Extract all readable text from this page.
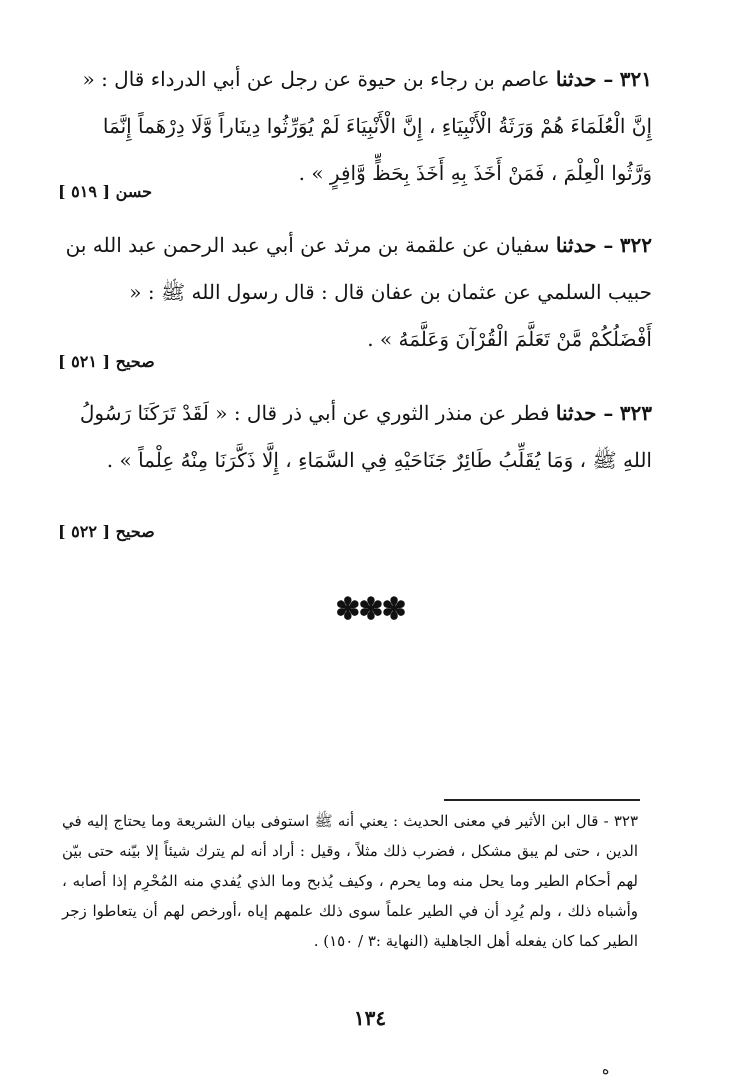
٣٢١ – حدثنا عاصم بن رجاء بن حيوة عن رجل عن أبي الدرداء قال : « إِنَّ الْعُلَمَاءَ هُمْ وَرَثَةُ الْأَنْبِيَاءِ ، إِنَّ الْأَنْبِيَاءَ لَمْ يُوَرِّثُوا دِينَاراً وَّلَا دِرْهَماً إِنَّمَا وَرَّثُوا الْعِلْمَ ، فَمَنْ أَخَذَ بِهِ أَخَذَ بِحَظٍّ وَّافِرٍ » .

حسن [ ٥١٩ ]

٣٢٢ – حدثنا سفيان عن علقمة بن مرثد عن أبي عبد الرحمن عبد الله بن حبيب السلمي عن عثمان بن عفان قال : قال رسول الله ﷺ : « أَفْضَلُكُمْ مَّنْ تَعَلَّمَ الْقُرْآنَ وَعَلَّمَهُ » .

صحيح [ ٥٢١ ]

٣٢٣ – حدثنا فطر عن منذر الثوري عن أبي ذر قال : « لَقَدْ تَرَكَنَا رَسُولُ اللهِ ﷺ ، وَمَا يُقَلِّبُ طَائِرٌ جَنَاحَيْهِ فِي السَّمَاءِ ، إِلَّا ذَكَّرَنَا مِنْهُ عِلْماً » .

صحيح [ ٥٢٢ ]
✽✽✽

٣٢٣ - قال ابن الأثير في معنى الحديث : يعني أنه ﷺ استوفى بيان الشريعة وما يحتاج إليه في الدين ، حتى لم يبق مشكل ، فضرب ذلك مثلاً ، وقيل : أراد أنه لم يترك شيئاً إلا بيّنه حتى بيّن لهم أحكام الطير وما يحل منه وما يحرم ، وكيف يُذبح وما الذي يُفدي منه المُحْرِم إذا أصابه ، وأشباه ذلك ، ولم يُرِد أن في الطير علماً سوى ذلك علمهم إياه ،أورخص لهم أن يتعاطوا زجر الطير كما كان يفعله أهل الجاهلية (النهاية :٣ / ١٥٠) .

١٣٤
ه
